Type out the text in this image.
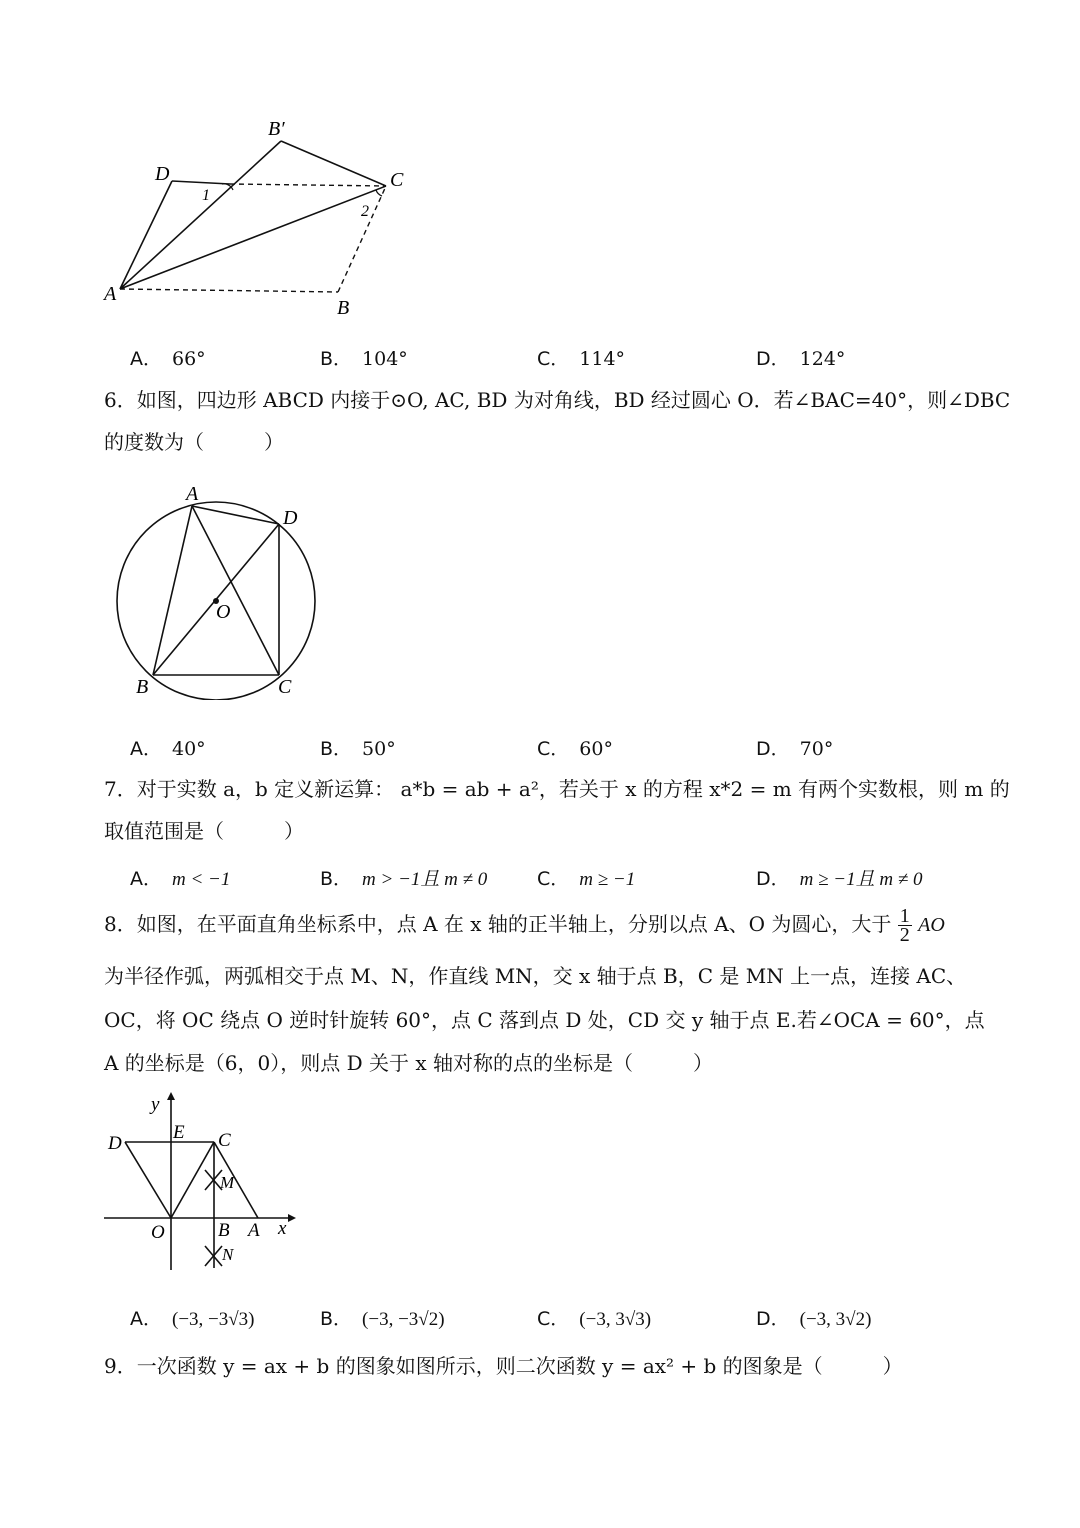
B′
D	C
A
B
1
2
A． 66°	B． 104°	C． 114°	D． 124°
6．如图，四边形 ABCD 内接于⊙O, AC, BD 为对角线，BD 经过圆心 O．若∠BAC=40°，则∠DBC
的度数为（　　　）
A
D
O
B	C
A． 40°	B． 50°	C． 60°	D． 70°
7．对于实数 a，b 定义新运算： a*b = ab + a²，若关于 x 的方程 x*2 = m 有两个实数根，则 m 的
取值范围是（　　　）
A． m < −1	B． m > −1且 m ≠ 0	C． m ≥ −1	D． m ≥ −1且 m ≠ 0
8．如图，在平面直角坐标系中，点 A 在 x 轴的正半轴上，分别以点 A、O 为圆心，大于 $\frac{1}{2}$ AO
为半径作弧，两弧相交于点 M、N，作直线 MN，交 x 轴于点 B，C 是 MN 上一点，连接 AC、
OC，将 OC 绕点 O 逆时针旋转 60°，点 C 落到点 D 处，CD 交 y 轴于点 E.若∠OCA = 60°，点
A 的坐标是（6，0），则点 D 关于 x 轴对称的点的坐标是（　　　）
y
D
E C
M
O	B A x
N
A． (−3, −3√3)	B． (−3, −3√2)	C． (−3, 3√3)	D． (−3, 3√2)
9．一次函数 y = ax + b 的图象如图所示，则二次函数 y = ax² + b 的图象是（　　　）
